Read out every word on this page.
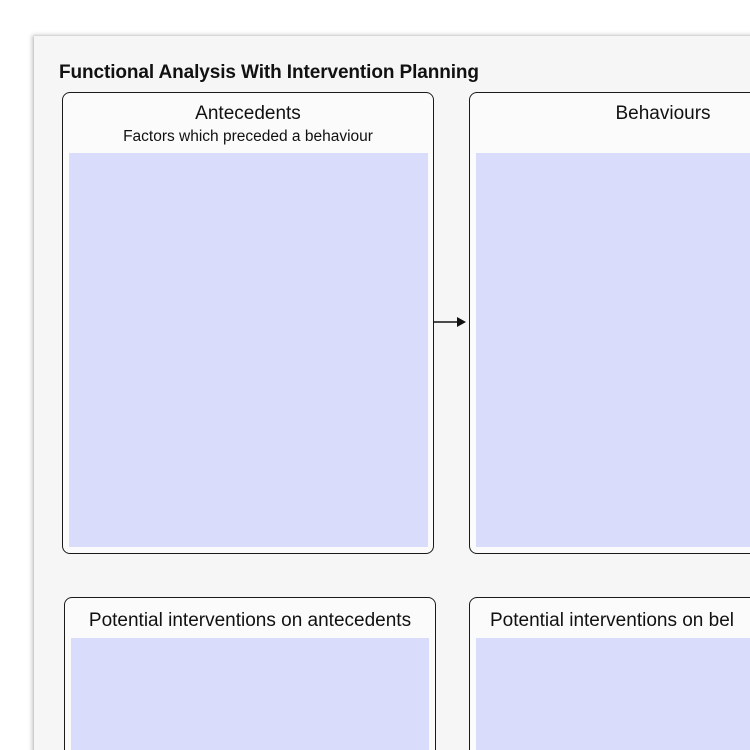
Functional Analysis With Intervention Planning
Antecedents
Factors which preceded a behaviour
Behaviours
Potential interventions on antecedents	Potential interventions on bel
